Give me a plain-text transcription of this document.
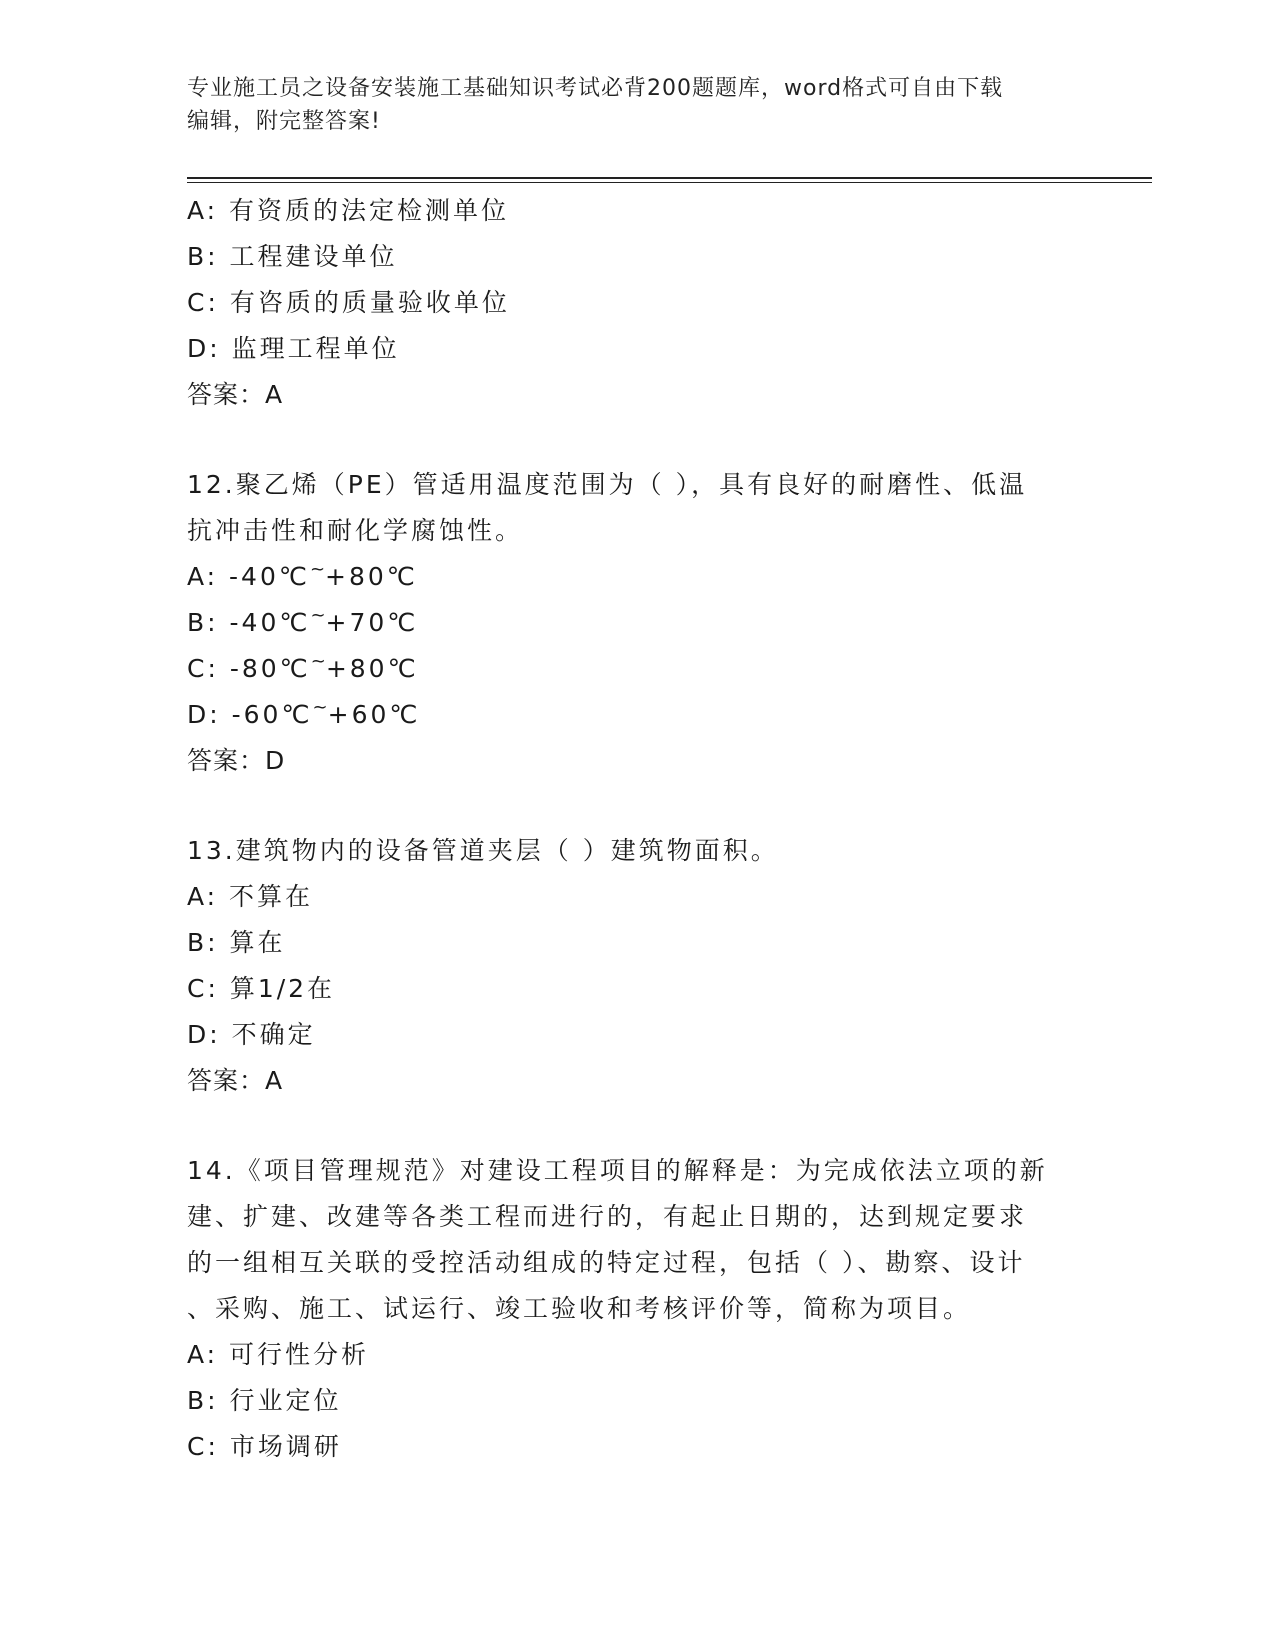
专业施工员之设备安装施工基础知识考试必背200题题库，word格式可自由下载
编辑，附完整答案!
A: 有资质的法定检测单位
B: 工程建设单位
C: 有咨质的质量验收单位
D: 监理工程单位
答案：A
12.聚乙烯（PE）管适用温度范围为（ ），具有良好的耐磨性、低温
抗冲击性和耐化学腐蚀性。
A: -40℃~+80℃
B: -40℃~+70℃
C: -80℃~+80℃
D: -60℃~+60℃
答案：D
13.建筑物内的设备管道夹层（ ）建筑物面积。
A: 不算在
B: 算在
C: 算1/2在
D: 不确定
答案：A
14.《项目管理规范》对建设工程项目的解释是：为完成依法立项的新
建、扩建、改建等各类工程而进行的，有起止日期的，达到规定要求
的一组相互关联的受控活动组成的特定过程，包括（ ）、勘察、设计
、采购、施工、试运行、竣工验收和考核评价等，简称为项目。
A: 可行性分析
B: 行业定位
C: 市场调研
